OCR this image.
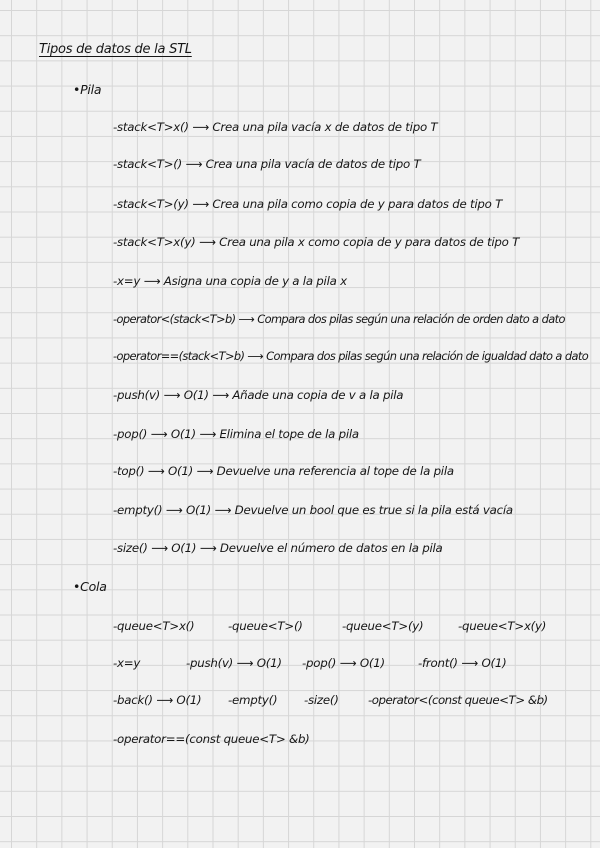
Tipos de datos de la STL
•Pila
-stack<T>x() ⟶ Crea una pila vacía x de datos de tipo T
-stack<T>() ⟶ Crea una pila vacía de datos de tipo T
-stack<T>(y) ⟶ Crea una pila como copia de y para datos de tipo T
-stack<T>x(y) ⟶ Crea una pila x como copia de y para datos de tipo T
-x=y ⟶ Asigna una copia de y a la pila x
-operator<(stack<T>b) ⟶ Compara dos pilas según una relación de orden dato a dato
-operator==(stack<T>b) ⟶ Compara dos pilas según una relación de igualdad dato a dato
-push(v) ⟶ O(1) ⟶ Añade una copia de v a la pila
-pop() ⟶ O(1) ⟶ Elimina el tope de la pila
-top() ⟶ O(1) ⟶ Devuelve una referencia al tope de la pila
-empty() ⟶ O(1) ⟶ Devuelve un bool que es true si la pila está vacía
-size() ⟶ O(1) ⟶ Devuelve el número de datos en la pila
•Cola
-queue<T>x()	-queue<T>()	-queue<T>(y)	-queue<T>x(y)
-x=y	-push(v) ⟶ O(1) -pop() ⟶ O(1)	-front() ⟶ O(1)
-back() ⟶ O(1) -empty() -size() -operator<(const queue<T> &b)
-operator==(const queue<T> &b)
